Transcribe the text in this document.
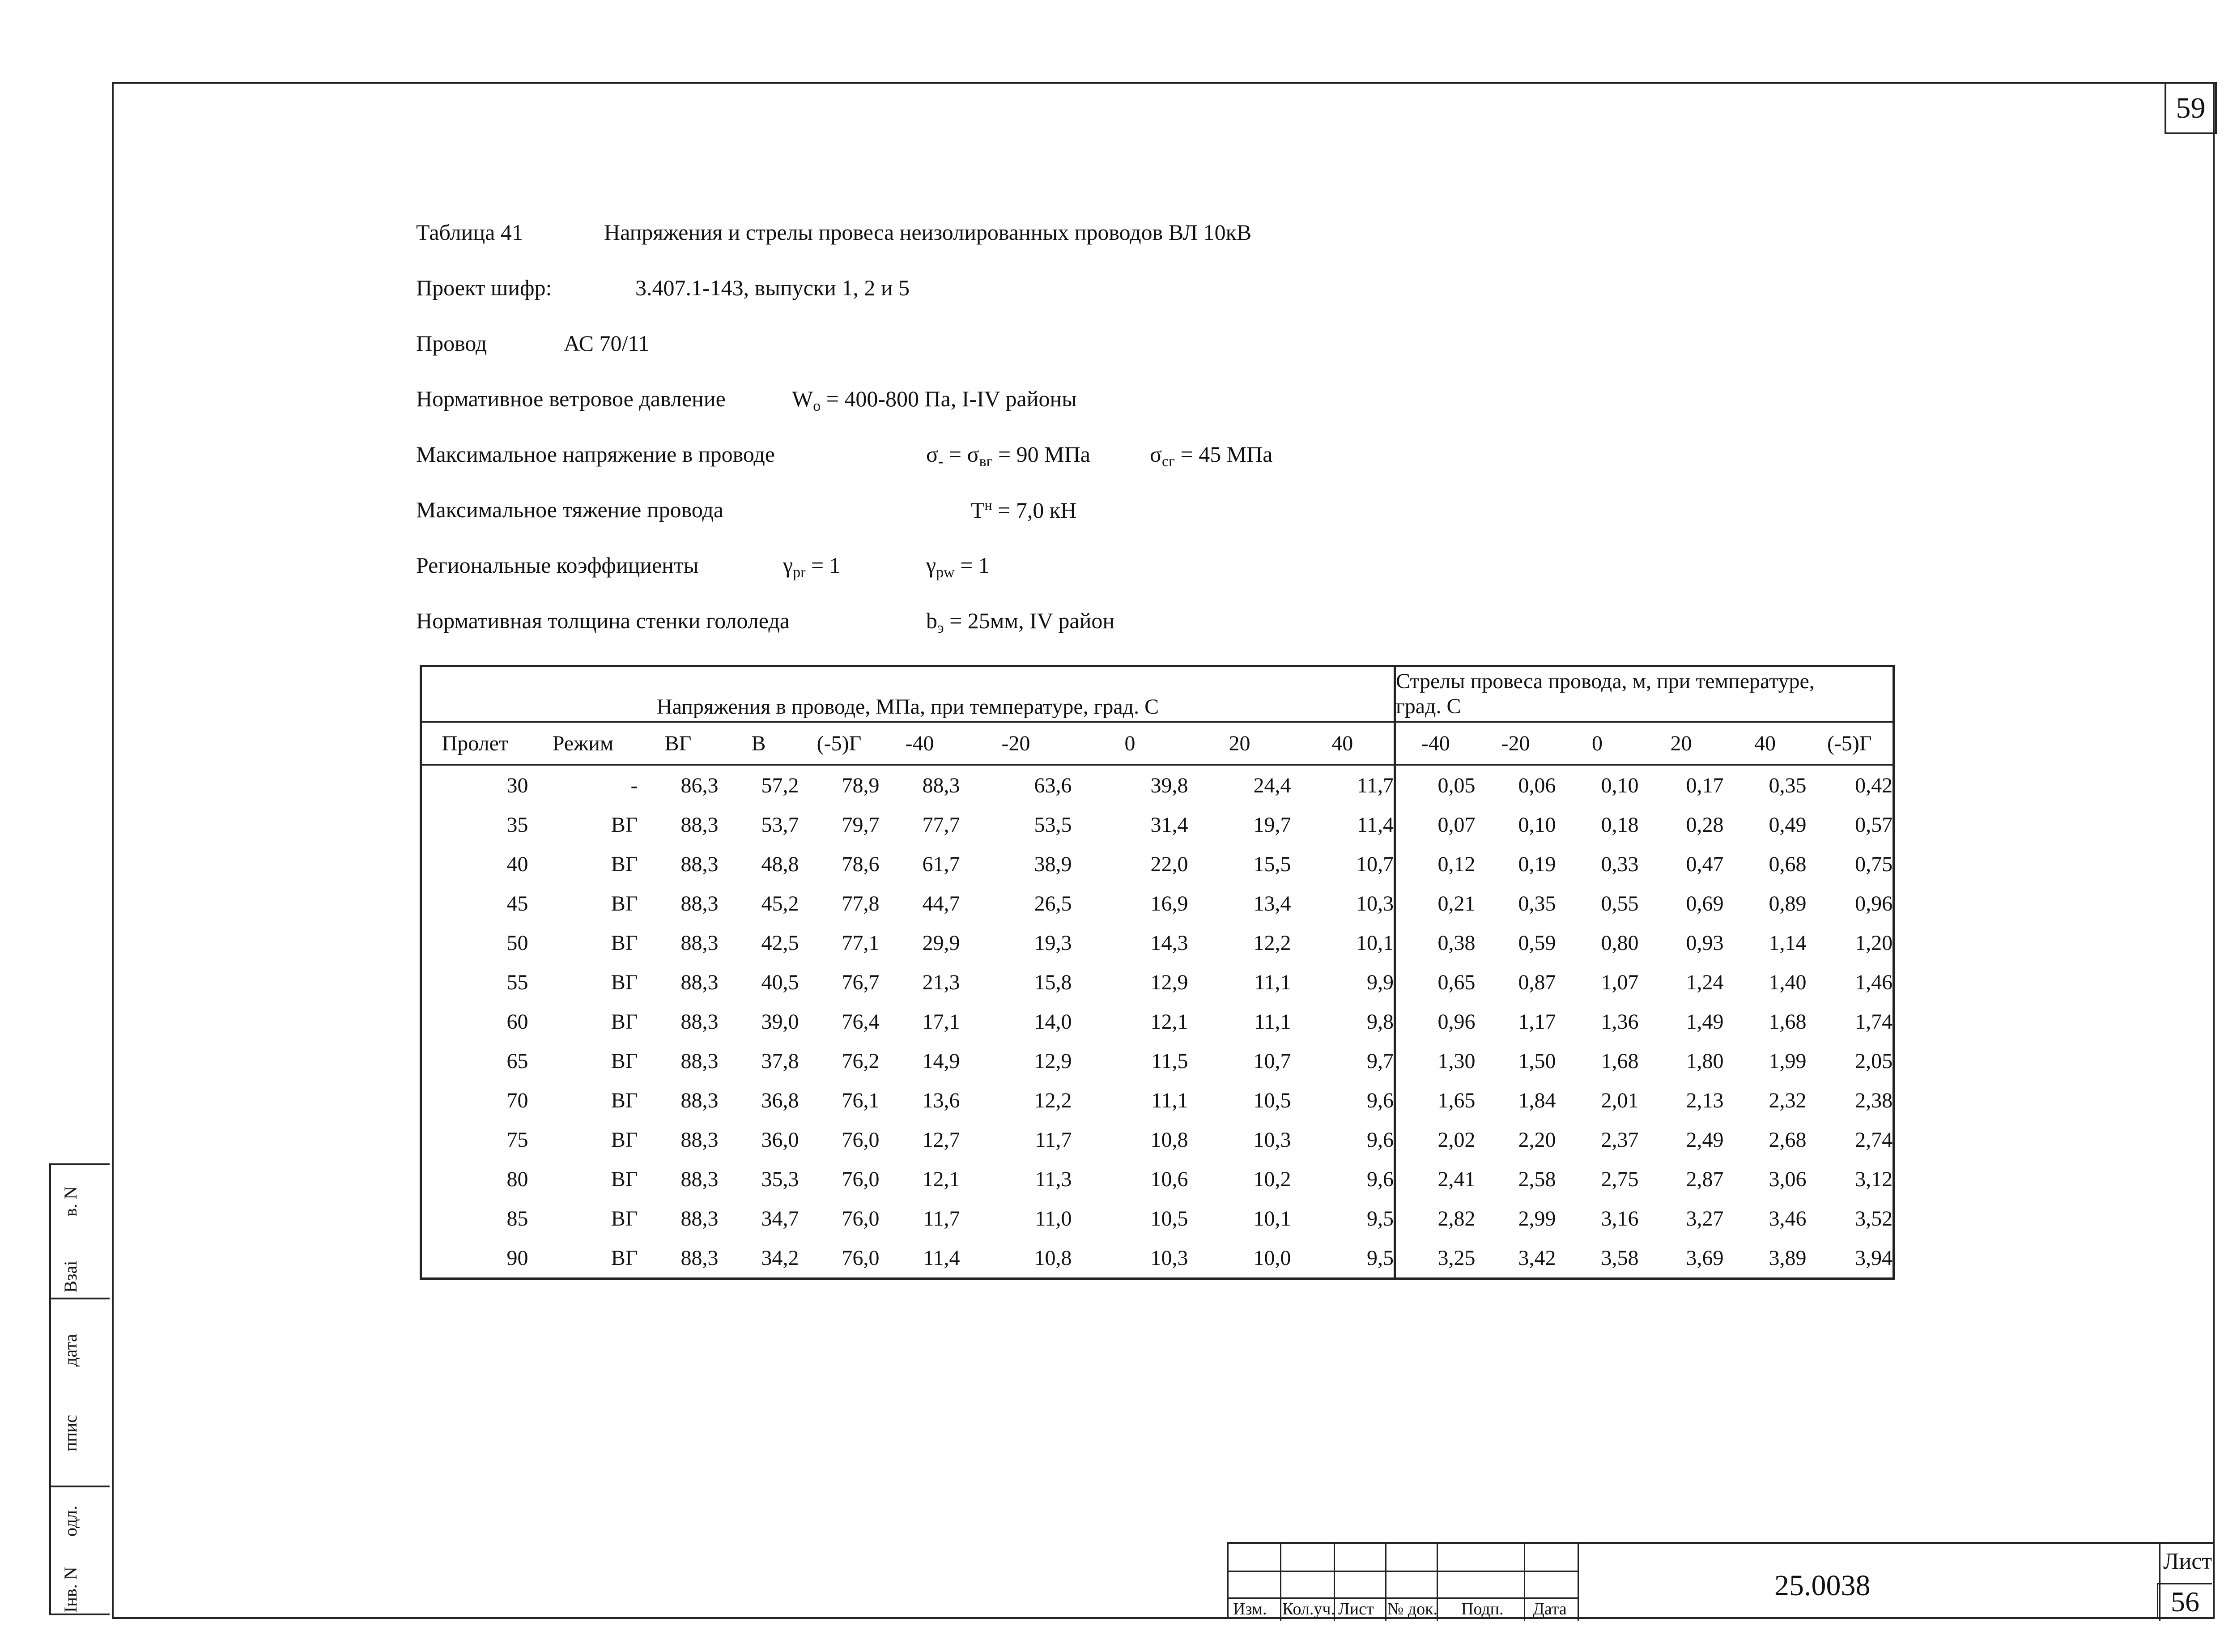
59
Таблица 41	Напряжения и стрелы провеса неизолированных проводов ВЛ 10кВ
Проект шифр:	3.407.1-143, выпуски 1, 2 и 5
Провод	АС 70/11
Нормативное ветровое давление	$W_o = 400-800$ Па, I-IV районы
Максимальное напряжение в проводе	$\sigma_- = \sigma_{вг} = 90$ МПа	$\sigma_{сг} = 45$ МПа
Максимальное тяжение провода	$Т^н = 7,0$ кН
Региональные коэффициенты	$\gamma_{pr} = 1$	$\gamma_{pw} = 1$
Нормативная толщина стенки гололеда	$b_э = 25мм$, IV район
Напряжения в проводе, МПа, при температуре, град. С										Стрелы провеса провода, м, при температуре,
град. С					
Пролет	Режим	ВГ	В	(-5)Г	-40	-20	0	20	40	-40	-20	0	20	40	(-5)Г
30	-	86,3	57,2	78,9	88,3	63,6	39,8	24,4	11,7	0,05	0,06	0,10	0,17	0,35	0,42
35	ВГ	88,3	53,7	79,7	77,7	53,5	31,4	19,7	11,4	0,07	0,10	0,18	0,28	0,49	0,57
40	ВГ	88,3	48,8	78,6	61,7	38,9	22,0	15,5	10,7	0,12	0,19	0,33	0,47	0,68	0,75
45	ВГ	88,3	45,2	77,8	44,7	26,5	16,9	13,4	10,3	0,21	0,35	0,55	0,69	0,89	0,96
50	ВГ	88,3	42,5	77,1	29,9	19,3	14,3	12,2	10,1	0,38	0,59	0,80	0,93	1,14	1,20
55	ВГ	88,3	40,5	76,7	21,3	15,8	12,9	11,1	9,9	0,65	0,87	1,07	1,24	1,40	1,46
60	ВГ	88,3	39,0	76,4	17,1	14,0	12,1	11,1	9,8	0,96	1,17	1,36	1,49	1,68	1,74
65	ВГ	88,3	37,8	76,2	14,9	12,9	11,5	10,7	9,7	1,30	1,50	1,68	1,80	1,99	2,05
70	ВГ	88,3	36,8	76,1	13,6	12,2	11,1	10,5	9,6	1,65	1,84	2,01	2,13	2,32	2,38
75	ВГ	88,3	36,0	76,0	12,7	11,7	10,8	10,3	9,6	2,02	2,20	2,37	2,49	2,68	2,74
80	ВГ	88,3	35,3	76,0	12,1	11,3	10,6	10,2	9,6	2,41	2,58	2,75	2,87	3,06	3,12
85	ВГ	88,3	34,7	76,0	11,7	11,0	10,5	10,1	9,5	2,82	2,99	3,16	3,27	3,46	3,52
90	ВГ	88,3	34,2	76,0	11,4	10,8	10,3	10,0	9,5	3,25	3,42	3,58	3,69	3,89	3,94
в. N
Взаі
дата
ппис
одл.
Інв. N	Изм. Кол.уч. Лист № док. Подп. Дата
25.0038
Лист
56
